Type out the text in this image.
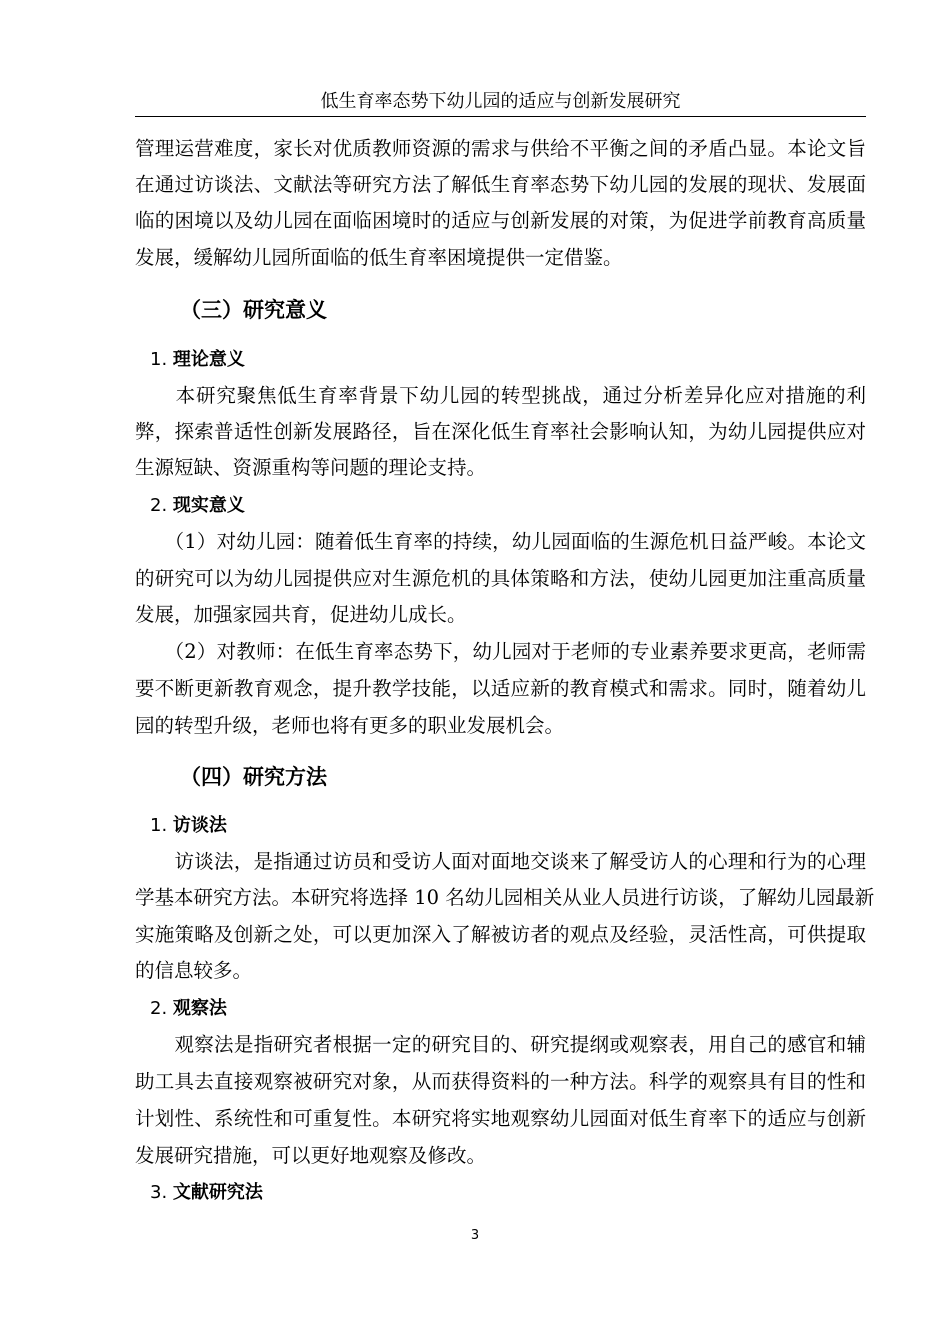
低生育率态势下幼儿园的适应与创新发展研究
管理运营难度，家长对优质教师资源的需求与供给不平衡之间的矛盾凸显。本论文旨
在通过访谈法、文献法等研究方法了解低生育率态势下幼儿园的发展的现状、发展面
临的困境以及幼儿园在面临困境时的适应与创新发展的对策，为促进学前教育高质量
发展，缓解幼儿园所面临的低生育率困境提供一定借鉴。
（三）研究意义
1. 理论意义
　　本研究聚焦低生育率背景下幼儿园的转型挑战，通过分析差异化应对措施的利
弊，探索普适性创新发展路径，旨在深化低生育率社会影响认知，为幼儿园提供应对
生源短缺、资源重构等问题的理论支持。
2. 现实意义
　　（1）对幼儿园：随着低生育率的持续，幼儿园面临的生源危机日益严峻。本论文
的研究可以为幼儿园提供应对生源危机的具体策略和方法，使幼儿园更加注重高质量
发展，加强家园共育，促进幼儿成长。
　　（2）对教师：在低生育率态势下，幼儿园对于老师的专业素养要求更高，老师需
要不断更新教育观念，提升教学技能，以适应新的教育模式和需求。同时，随着幼儿
园的转型升级，老师也将有更多的职业发展机会。
（四）研究方法
1. 访谈法
　　访谈法，是指通过访员和受访人面对面地交谈来了解受访人的心理和行为的心理
学基本研究方法。本研究将选择 10 名幼儿园相关从业人员进行访谈，了解幼儿园最新
实施策略及创新之处，可以更加深入了解被访者的观点及经验，灵活性高，可供提取
的信息较多。
2. 观察法
　　观察法是指研究者根据一定的研究目的、研究提纲或观察表，用自己的感官和辅
助工具去直接观察被研究对象，从而获得资料的一种方法。科学的观察具有目的性和
计划性、系统性和可重复性。本研究将实地观察幼儿园面对低生育率下的适应与创新
发展研究措施，可以更好地观察及修改。
3. 文献研究法
3
